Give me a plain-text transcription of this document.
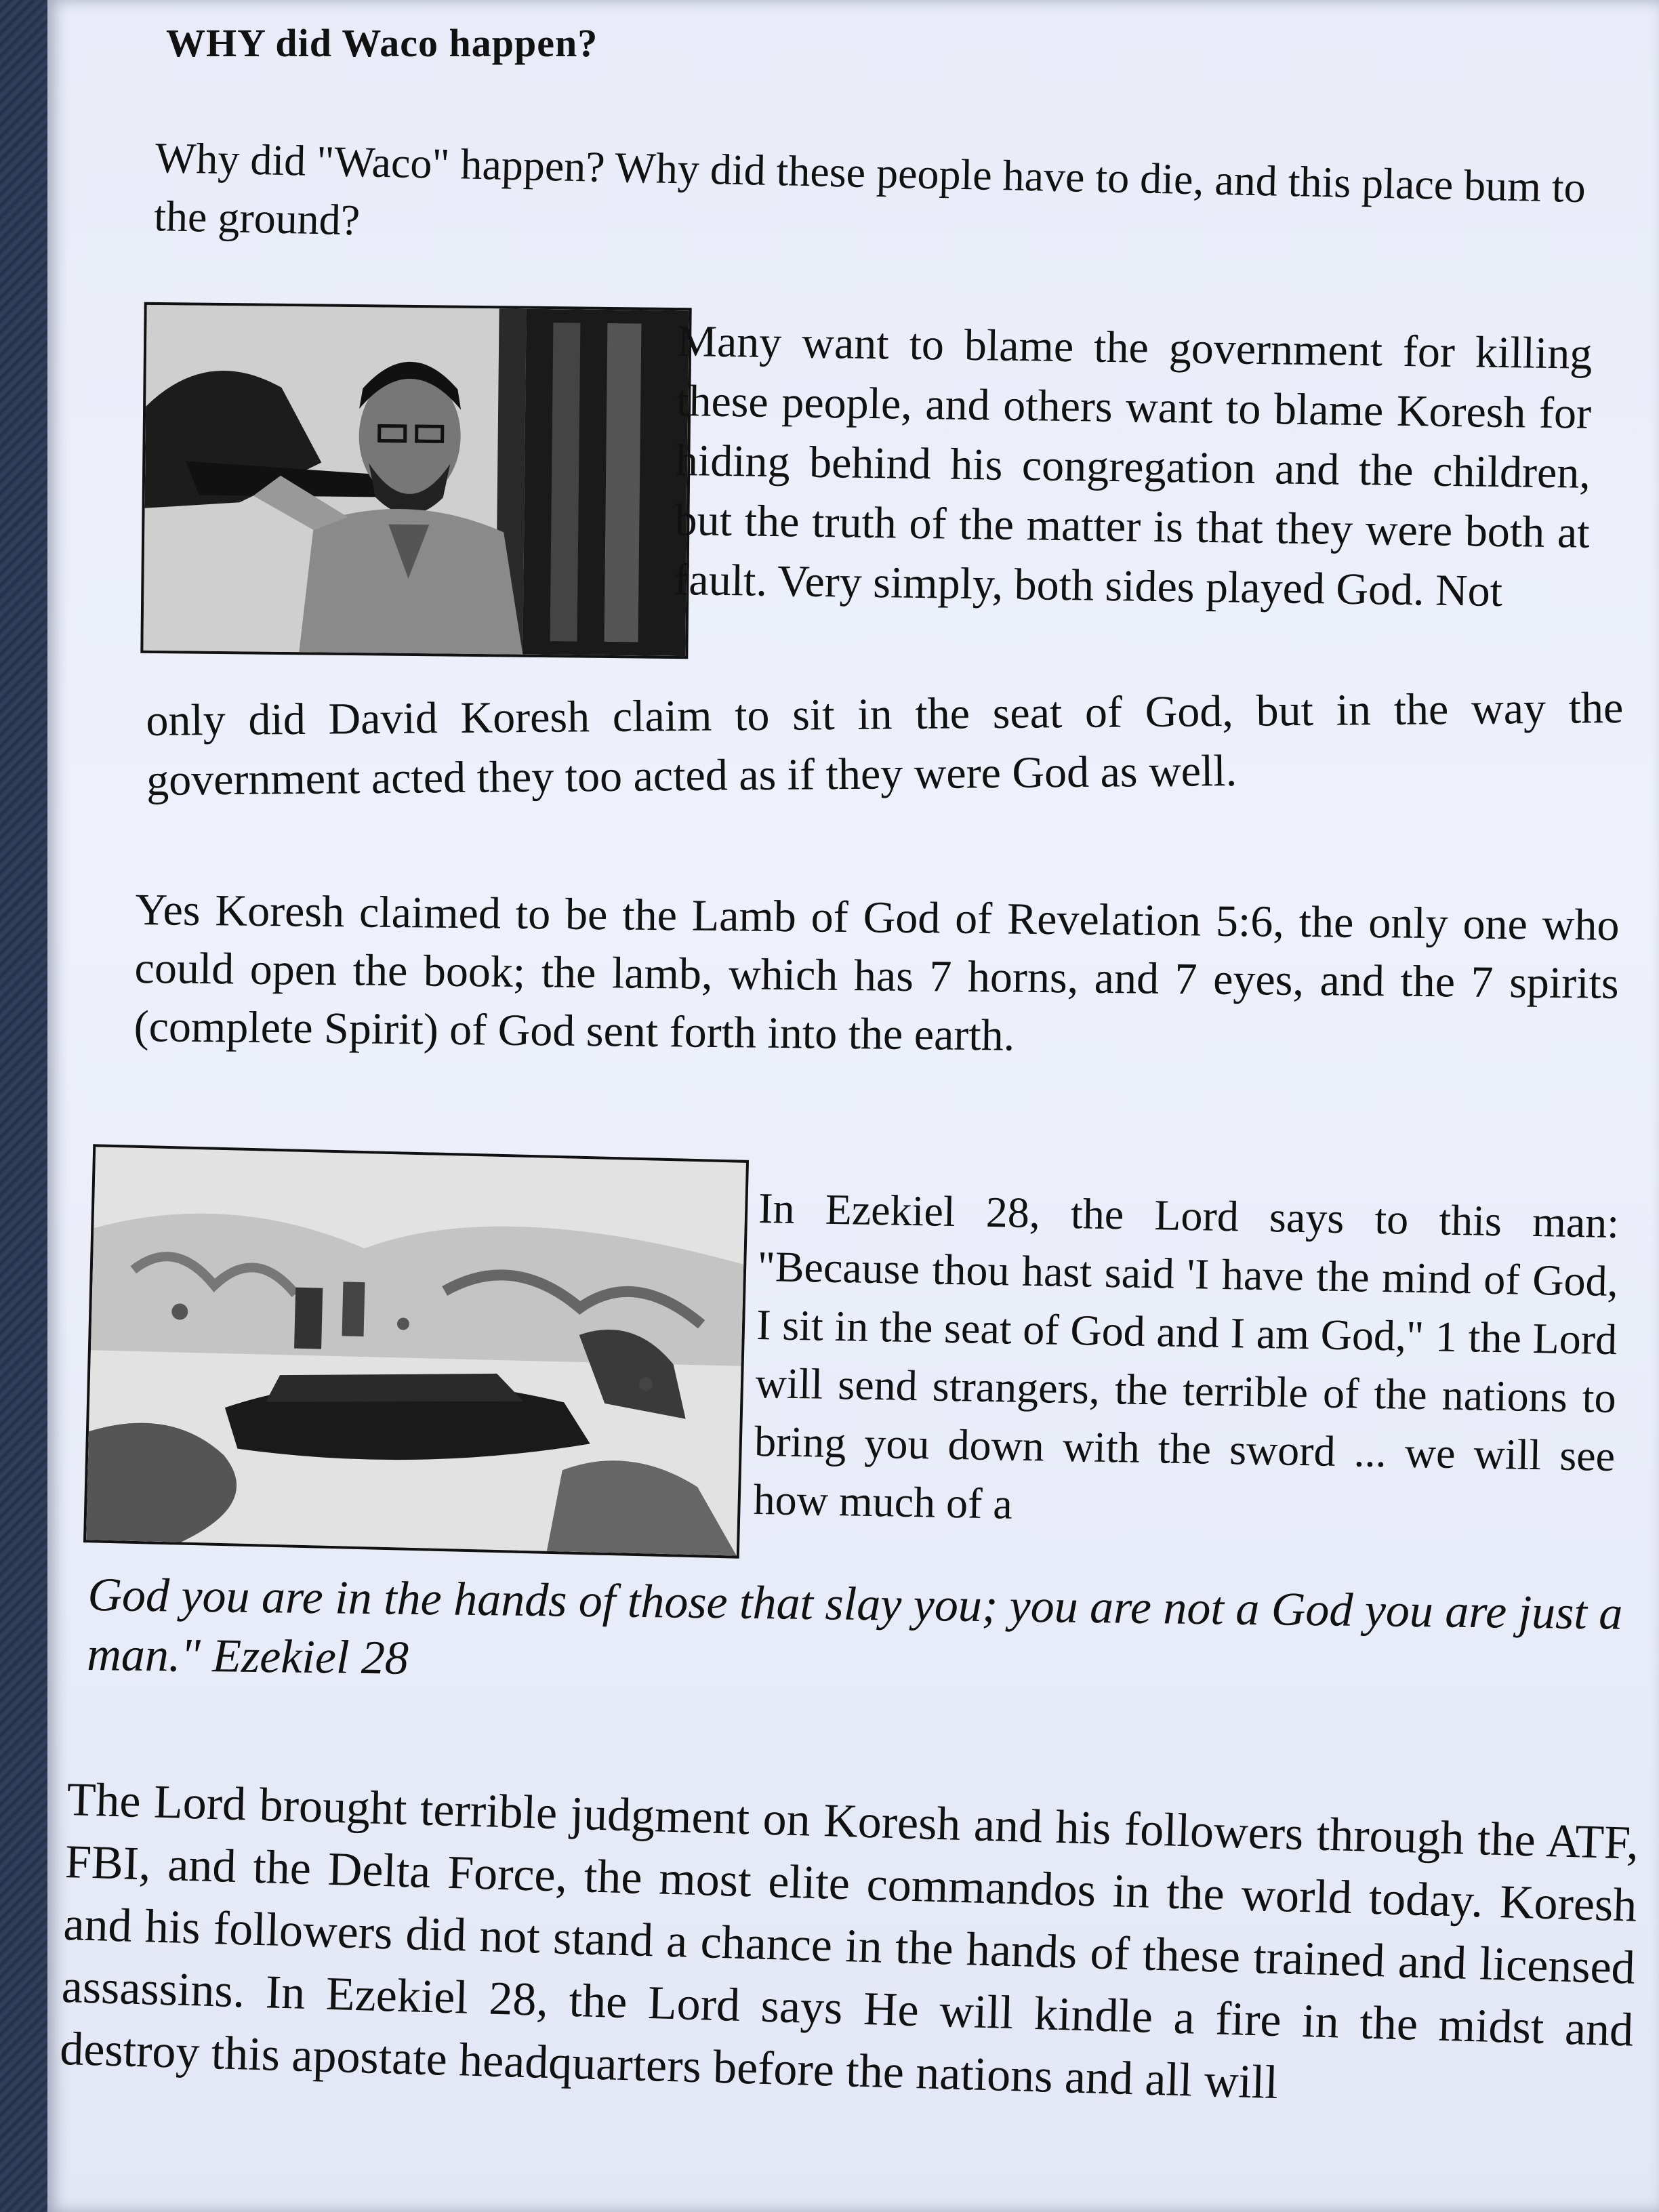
WHY did Waco happen?

Why did "Waco" happen? Why did these people have to die, and this place bum to the ground?

Many want to blame the government for killing these people, and others want to blame Koresh for hiding behind his congregation and the children, but the truth of the matter is that they were both at fault. Very simply, both sides played God. Not

only did David Koresh claim to sit in the seat of God, but in the way the government acted they too acted as if they were God as well.

Yes Koresh claimed to be the Lamb of God of Revelation 5:6, the only one who could open the book; the lamb, which has 7 horns, and 7 eyes, and the 7 spirits (complete Spirit) of God sent forth into the earth.

In Ezekiel 28, the Lord says to this man: "Because thou hast said 'I have the mind of God, I sit in the seat of God and I am God," 1 the Lord will send strangers, the terrible of the nations to bring you down with the sword ... we will see how much of a

God you are in the hands of those that slay you; you are not a God you are just a man." Ezekiel 28

The Lord brought terrible judgment on Koresh and his followers through the ATF, FBI, and the Delta Force, the most elite commandos in the world today. Koresh and his followers did not stand a chance in the hands of these trained and licensed assassins. In Ezekiel 28, the Lord says He will kindle a fire in the midst and destroy this apostate headquarters before the nations and all will
